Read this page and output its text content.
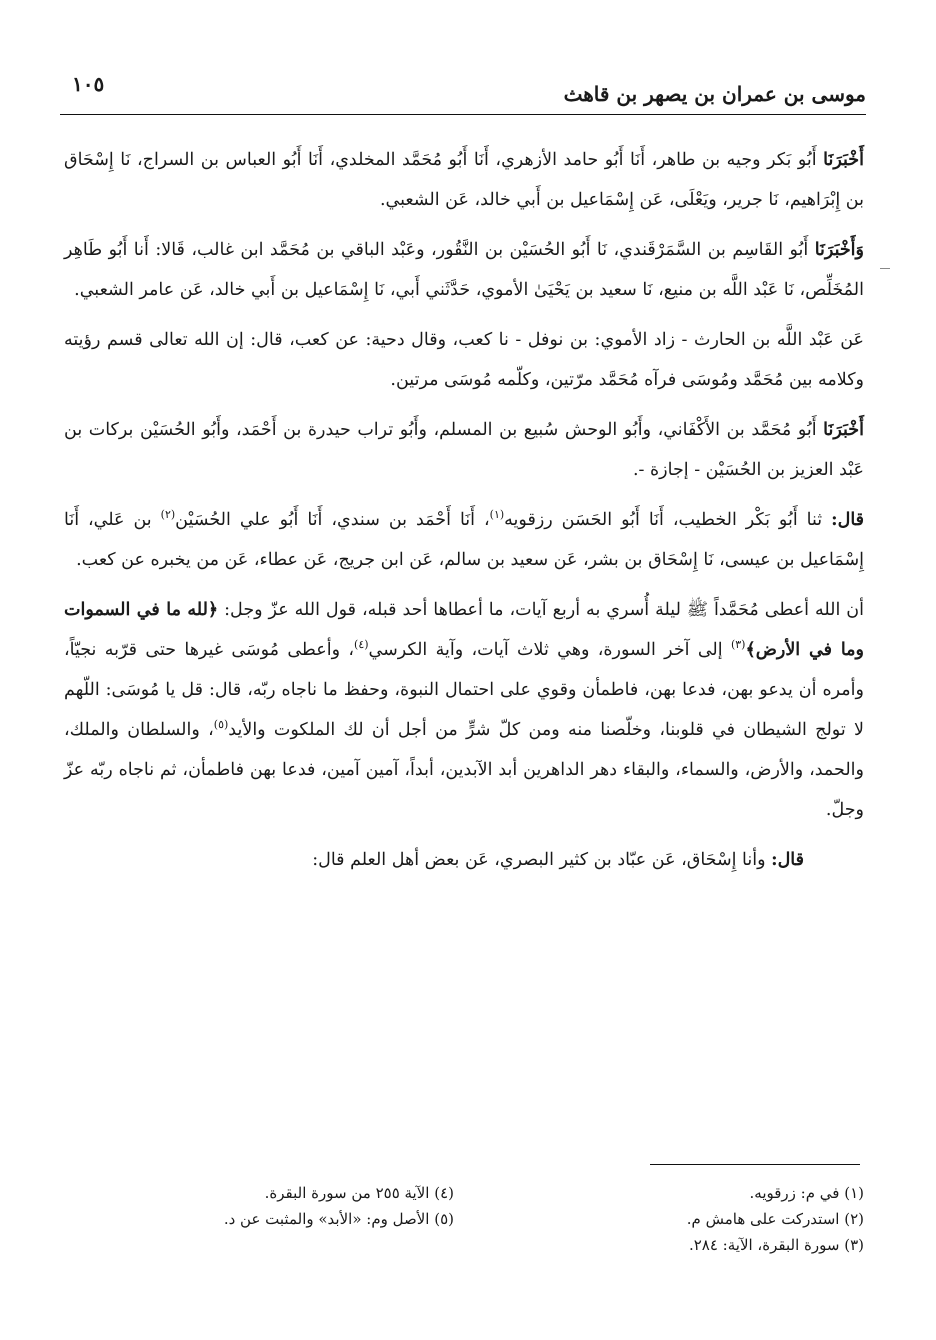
موسى بن عمران بن يصهر بن قاهث
١٠٥

أَخْبَرَنَا أَبُو بَكر وجيه بن طاهر، أَنَا أَبُو حامد الأزهري، أَنَا أَبُو مُحَمَّد المخلدي، أَنَا أَبُو العباس بن السراج، نَا إِسْحَاق بن إِبْرَاهيم، نَا جرير، ويَعْلَى، عَن إِسْمَاعيل بن أَبي خالد، عَن الشعبي.

وَأَخْبَرَنَا أَبُو القَاسِم بن السَّمَرْقَندي، نَا أَبُو الحُسَيْن بن النَّقُور، وعَبْد الباقي بن مُحَمَّد ابن غالب، قَالا: أَنا أَبُو طَاهِر المُخَلِّص، نَا عَبْد اللَّه بن منيع، نَا سعيد بن يَحْيَىٰ الأموي، حَدَّثَني أَبي، نَا إِسْمَاعيل بن أَبي خالد، عَن عامر الشعبي.

عَن عَبْد اللَّه بن الحارث - زاد الأموي: بن نوفل - نا كعب، وقال دحية: عن كعب، قال: إن الله تعالى قسم رؤيته وكلامه بين مُحَمَّد ومُوسَى فرآه مُحَمَّد مرّتين، وكلّمه مُوسَى مرتين.

أَخْبَرَنَا أَبُو مُحَمَّد بن الأَكْفَاني، وأَبُو الوحش سُبيع بن المسلم، وأَبُو تراب حيدرة بن أَحْمَد، وأَبُو الحُسَيْن بركات بن عَبْد العزيز بن الحُسَيْن - إجازة -.

قال: ثنا أَبُو بَكْر الخطيب، أَنَا أَبُو الحَسَن رزقويه$^{(١)}$، أَنَا أَحْمَد بن سندي، أَنَا أَبُو علي الحُسَيْن$^{(٢)}$ بن عَلي، أَنَا إِسْمَاعيل بن عيسى، نَا إِسْحَاق بن بشر، عَن سعيد بن سالم، عَن ابن جريج، عَن عطاء، عَن من يخبره عن كعب.

أن الله أعطى مُحَمَّداً ﷺ ليلة أُسري به أربع آيات، ما أعطاها أحد قبله، قول الله عزّ وجل: ﴿لله ما في السموات وما في الأرض﴾$^{(٣)}$ إلى آخر السورة، وهي ثلاث آيات، وآية الكرسي$^{(٤)}$، وأعطى مُوسَى غيرها حتى قرّبه نجيّاً، وأمره أن يدعو بهن، فدعا بهن، فاطمأن وقوي على احتمال النبوة، وحفظ ما ناجاه ربّه، قال: قل يا مُوسَى: اللّهم لا تولج الشيطان في قلوبنا، وخلّصنا منه ومن كلّ شرٍّ من أجل أن لك الملكوت والأيد$^{(٥)}$، والسلطان والملك، والحمد، والأرض، والسماء، والبقاء دهر الداهرين أبد الآبدين، أبداً، آمين آمين، فدعا بهن فاطمأن، ثم ناجاه ربّه عزّ وجلّ.

قال: وأنا إِسْحَاق، عَن عبّاد بن كثير البصري، عَن بعض أهل العلم قال:

(١) في م: زرقويه.
(٢) استدركت على هامش م.
(٣) سورة البقرة، الآية: ٢٨٤.
(٤) الآية ٢٥٥ من سورة البقرة.
(٥) الأصل وم: «الأبد» والمثبت عن د.
